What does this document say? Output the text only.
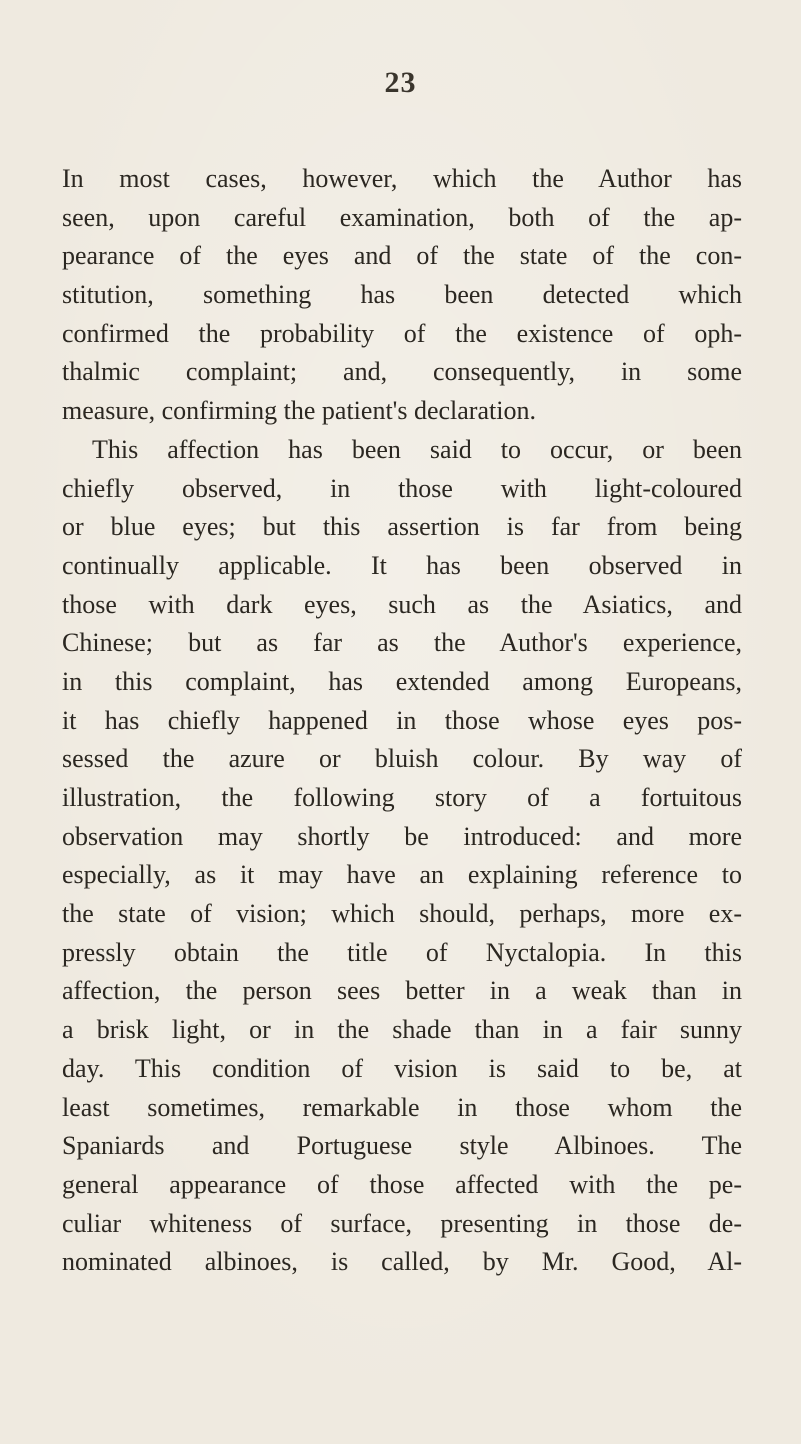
23
In most cases, however, which the Author has
seen, upon careful examination, both of the ap-
pearance of the eyes and of the state of the con-
stitution, something has been detected which
confirmed the probability of the existence of oph-
thalmic complaint; and, consequently, in some
measure, confirming the patient's declaration.
This affection has been said to occur, or been
chiefly observed, in those with light-coloured
or blue eyes; but this assertion is far from being
continually applicable. It has been observed in
those with dark eyes, such as the Asiatics, and
Chinese; but as far as the Author's experience,
in this complaint, has extended among Europeans,
it has chiefly happened in those whose eyes pos-
sessed the azure or bluish colour. By way of
illustration, the following story of a fortuitous
observation may shortly be introduced: and more
especially, as it may have an explaining reference to
the state of vision; which should, perhaps, more ex-
pressly obtain the title of Nyctalopia. In this
affection, the person sees better in a weak than in
a brisk light, or in the shade than in a fair sunny
day. This condition of vision is said to be, at
least sometimes, remarkable in those whom the
Spaniards and Portuguese style Albinoes. The
general appearance of those affected with the pe-
culiar whiteness of surface, presenting in those de-
nominated albinoes, is called, by Mr. Good, Al-
